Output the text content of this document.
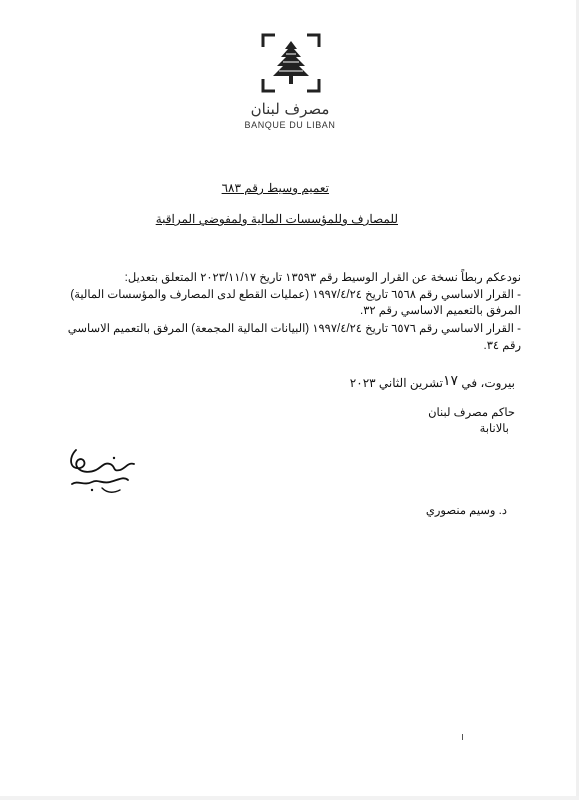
مصرف لبنان
BANQUE DU LIBAN
تعميم وسيط رقم ٦٨٣
للمصارف وللمؤسسات المالية ولمفوضي المراقبة
نودعكم ربطاً نسخة عن القرار الوسيط رقم ١٣٥٩٣ تاريخ ٢٠٢٣/١١/١٧ المتعلق بتعديل:
- القرار الاساسي رقم ٦٥٦٨ تاريخ ١٩٩٧/٤/٢٤ (عمليات القطع لدى المصارف والمؤسسات المالية)
المرفق بالتعميم الاساسي رقم ٣٢.
- القرار الاساسي رقم ٦٥٧٦ تاريخ ١٩٩٧/٤/٢٤ (البيانات المالية المجمعة) المرفق بالتعميم الاساسي
رقم ٣٤.
بيروت، في ١٧تشرين الثاني ٢٠٢٣
حاكم مصرف لبنان
بالانابة
د. وسيم منصوري
